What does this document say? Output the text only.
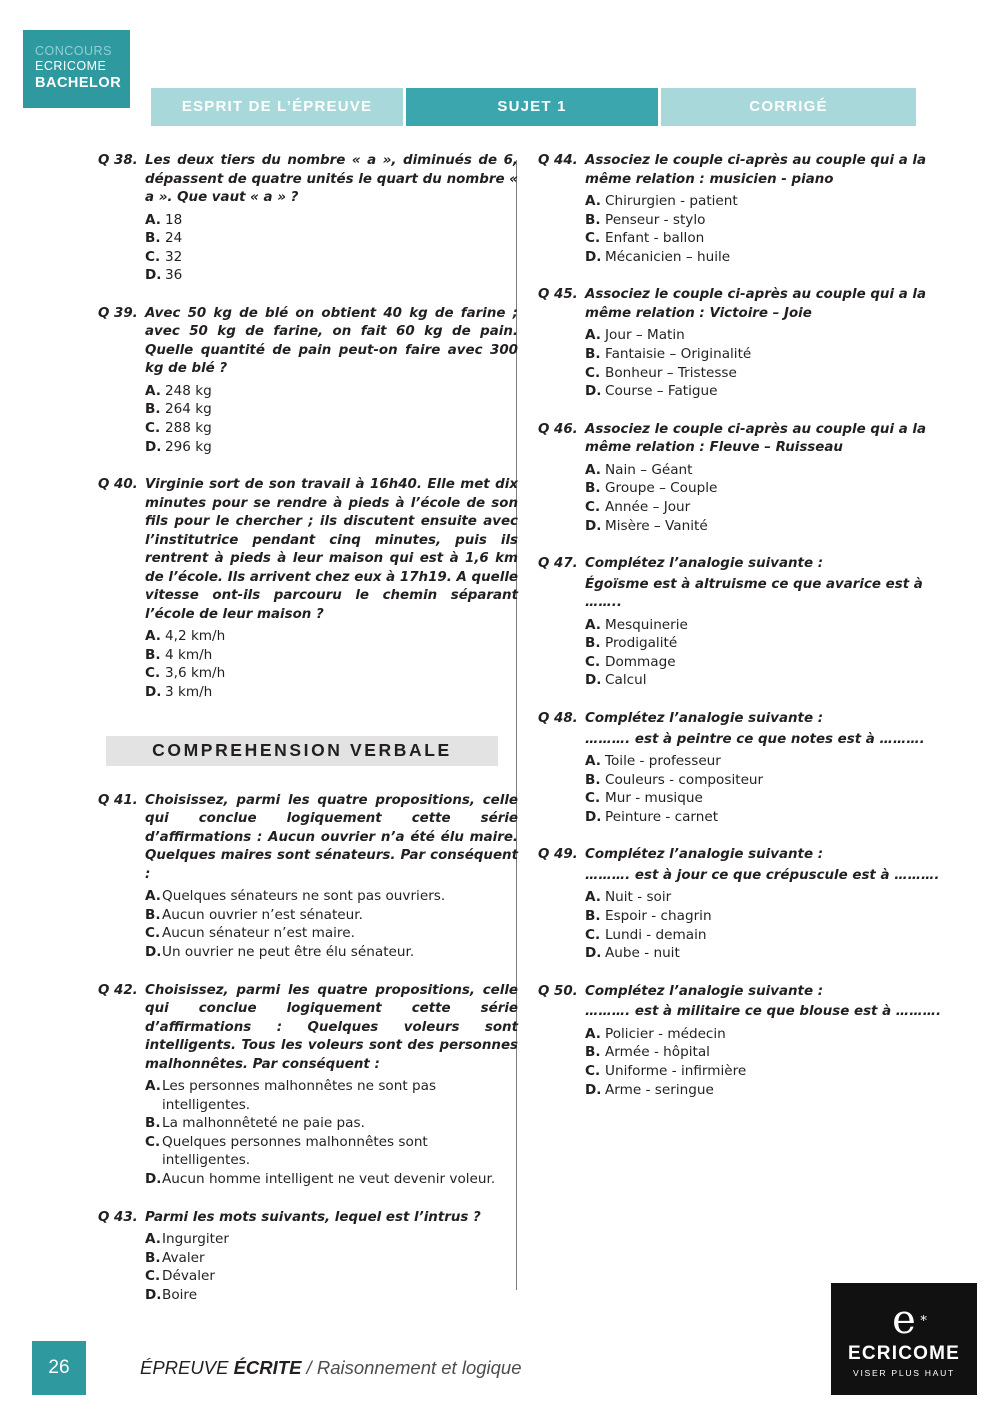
CONCOURS
ECRICOME
BACHELOR
ESPRIT DE L’ÉPREUVE	SUJET 1	CORRIGÉ
Q 38. Les deux tiers du nombre « a », diminués de 6, dépassent de quatre unités le quart du nombre « a ». Que vaut « a » ?
A. 18
B. 24
C. 32
D. 36
Q 39. Avec 50 kg de blé on obtient 40 kg de farine ; avec 50 kg de farine, on fait 60 kg de pain. Quelle quantité de pain peut-on faire avec 300 kg de blé ?
A. 248 kg
B. 264 kg
C. 288 kg
D. 296 kg
Q 40. Virginie sort de son travail à 16h40. Elle met dix minutes pour se rendre à pieds à l’école de son fils pour le chercher ; ils discutent ensuite avec l’institutrice pendant cinq minutes, puis ils rentrent à pieds à leur maison qui est à 1,6 km de l’école. Ils arrivent chez eux à 17h19. A quelle vitesse ont-ils parcouru le chemin séparant l’école de leur maison ?
A. 4,2 km/h
B. 4 km/h
C. 3,6 km/h
D. 3 km/h
COMPREHENSION VERBALE
Q 41. Choisissez, parmi les quatre propositions, celle qui conclue logiquement cette série d’affirmations : Aucun ouvrier n’a été élu maire. Quelques maires sont sénateurs. Par conséquent :
A. Quelques sénateurs ne sont pas ouvriers.
B. Aucun ouvrier n’est sénateur.
C. Aucun sénateur n’est maire.
D. Un ouvrier ne peut être élu sénateur.
Q 42. Choisissez, parmi les quatre propositions, celle qui conclue logiquement cette série d’affirmations : Quelques voleurs sont intelligents. Tous les voleurs sont des personnes malhonnêtes. Par conséquent :
A. Les personnes malhonnêtes ne sont pas intelligentes.
B. La malhonnêteté ne paie pas.
C. Quelques personnes malhonnêtes sont intelligentes.
D. Aucun homme intelligent ne veut devenir voleur.
Q 43. Parmi les mots suivants, lequel est l’intrus ?
A. Ingurgiter
B. Avaler
C. Dévaler
D. Boire
Q 44. Associez le couple ci-après au couple qui a la même relation : musicien - piano
A. Chirurgien - patient
B. Penseur - stylo
C. Enfant - ballon
D. Mécanicien – huile
Q 45. Associez le couple ci-après au couple qui a la même relation : Victoire – Joie
A. Jour – Matin
B. Fantaisie – Originalité
C. Bonheur – Tristesse
D. Course – Fatigue
Q 46. Associez le couple ci-après au couple qui a la même relation : Fleuve – Ruisseau
A. Nain – Géant
B. Groupe – Couple
C. Année – Jour
D. Misère – Vanité
Q 47. Complétez l’analogie suivante :
Égoïsme est à altruisme ce que avarice est à ……..
A. Mesquinerie
B. Prodigalité
C. Dommage
D. Calcul
Q 48. Complétez l’analogie suivante :
………. est à peintre ce que notes est à ……….
A. Toile - professeur
B. Couleurs - compositeur
C. Mur - musique
D. Peinture - carnet
Q 49. Complétez l’analogie suivante :
………. est à jour ce que crépuscule est à ……….
A. Nuit - soir
B. Espoir - chagrin
C. Lundi - demain
D. Aube - nuit
Q 50. Complétez l’analogie suivante :
………. est à militaire ce que blouse est à ……….
A. Policier - médecin
B. Armée - hôpital
C. Uniforme - infirmière
D. Arme - seringue
26	ÉPREUVE ÉCRITE / Raisonnement et logique
e *
ECRICOME
VISER PLUS HAUT
